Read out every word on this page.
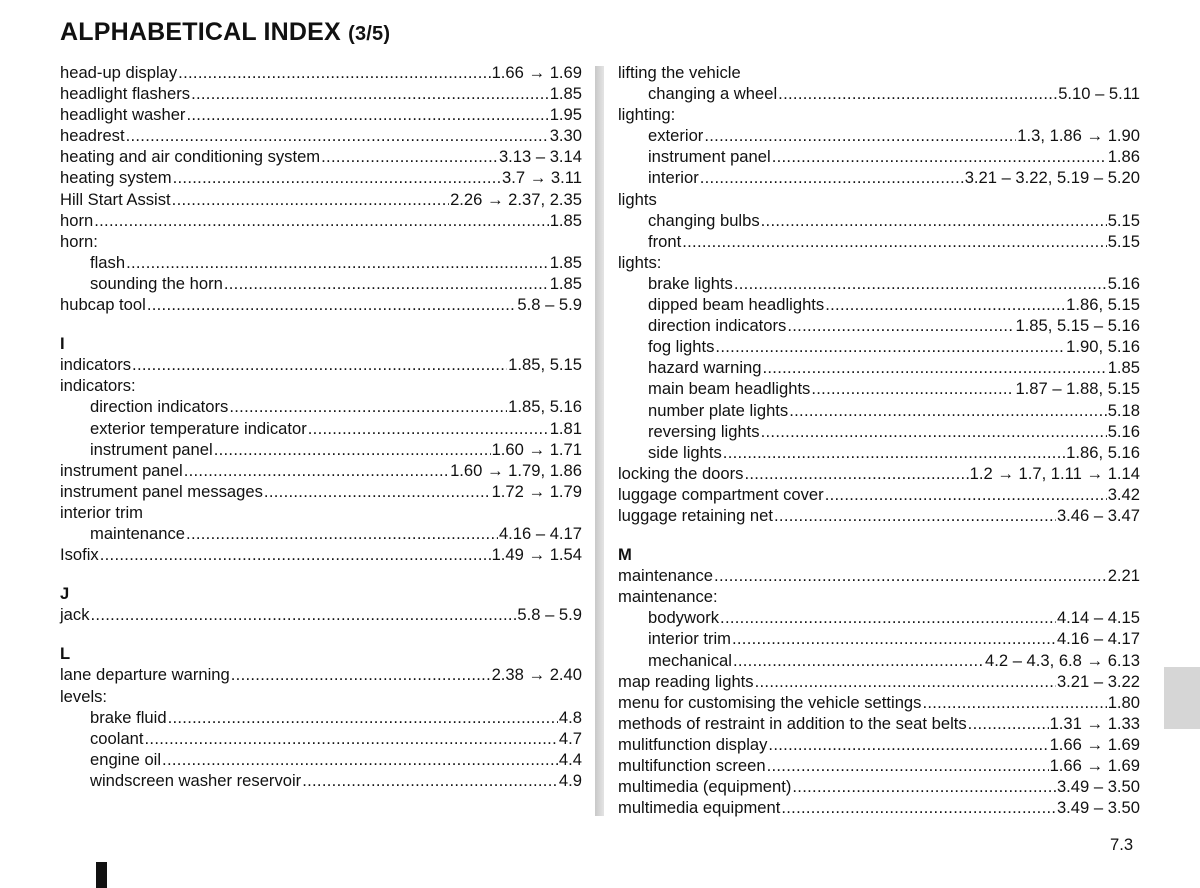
ALPHABETICAL INDEX (3/5)
head-up display .....	1.66 → 1.69
headlight flashers .....	1.85
headlight washer .....	1.95
headrest .....	3.30
heating and air conditioning system .....	3.13 – 3.14
heating system .....	3.7 → 3.11
Hill Start Assist .....	2.26 → 2.37, 2.35
horn .....	1.85
horn:
flash .....	1.85
sounding the horn .....	1.85
hubcap tool .....	5.8 – 5.9
I
indicators .....	1.85, 5.15
indicators:
direction indicators .....	1.85, 5.16
exterior temperature indicator .....	1.81
instrument panel .....	1.60 → 1.71
instrument panel .....	1.60 → 1.79, 1.86
instrument panel messages .....	1.72 → 1.79
interior trim
maintenance .....	4.16 – 4.17
Isofix .....	1.49 → 1.54
J
jack .....	5.8 – 5.9
L
lane departure warning .....	2.38 → 2.40
levels:
brake fluid .....	4.8
coolant .....	4.7
engine oil .....	4.4
windscreen washer reservoir .....	4.9
lifting the vehicle
changing a wheel .....	5.10 – 5.11
lighting:
exterior .....	1.3, 1.86 → 1.90
instrument panel .....	1.86
interior .....	3.21 – 3.22, 5.19 – 5.20
lights
changing bulbs .....	5.15
front .....	5.15
lights:
brake lights .....	5.16
dipped beam headlights .....	1.86, 5.15
direction indicators .....	1.85, 5.15 – 5.16
fog lights .....	1.90, 5.16
hazard warning .....	1.85
main beam headlights .....	1.87 – 1.88, 5.15
number plate lights .....	5.18
reversing lights .....	5.16
side lights .....	1.86, 5.16
locking the doors .....	1.2 → 1.7, 1.11 → 1.14
luggage compartment cover .....	3.42
luggage retaining net .....	3.46 – 3.47
M
maintenance .....	2.21
maintenance:
bodywork .....	4.14 – 4.15
interior trim .....	4.16 – 4.17
mechanical .....	4.2 – 4.3, 6.8 → 6.13
map reading lights .....	3.21 – 3.22
menu for customising the vehicle settings .....	1.80
methods of restraint in addition to the seat belts .....	1.31 → 1.33
mulitfunction display .....	1.66 → 1.69
multifunction screen .....	1.66 → 1.69
multimedia (equipment) .....	3.49 – 3.50
multimedia equipment .....	3.49 – 3.50
7.3
